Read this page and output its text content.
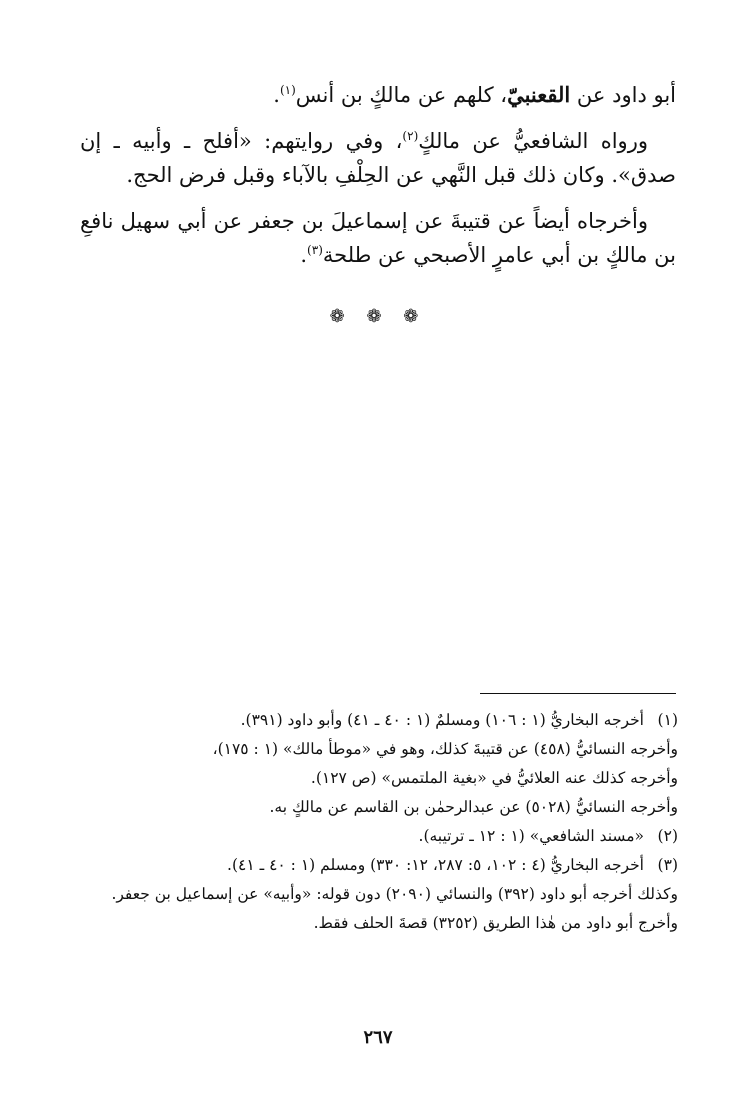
أبو داود عن القعنبيّ، كلهم عن مالكٍ بن أنس$^{(١)}$.

ورواه الشافعيُّ عن مالكٍ$^{(٢)}$، وفي روايتهم: «أفلح ـ وأبيه ـ إن صدق». وكان ذلك قبل النَّهي عن الحِلْفِ بالآباء وقبل فرض الحج.

وأخرجاه أيضاً عن قتيبةَ عن إسماعيلَ بن جعفر عن أبي سهيل نافعِ بن مالكٍ بن أبي عامرٍ الأصبحي عن طلحة$^{(٣)}$.

❁ ❁ ❁
(١)
أخرجه البخاريُّ (١ : ١٠٦) ومسلمٌ (١ : ٤٠ ـ ٤١) وأبو داود (٣٩١).
وأخرجه النسائيُّ (٤٥٨) عن قتيبةَ كذلك، وهو في «موطأ مالك» (١ : ١٧٥)،
وأخرجه كذلك عنه العلائيُّ في «بغية الملتمس» (ص ١٢٧).
وأخرجه النسائيُّ (٥٠٢٨) عن عبدالرحمٰن بن القاسم عن مالكٍ به.
(٢)
«مسند الشافعي» (١ : ١٢ ـ ترتيبه).
(٣)
أخرجه البخاريُّ (٤ : ١٠٢، ٥: ٢٨٧، ١٢: ٣٣٠) ومسلم (١ : ٤٠ ـ ٤١).
وكذلك أخرجه أبو داود (٣٩٢) والنسائي (٢٠٩٠) دون قوله: «وأبيه» عن إسماعيل بن جعفر.
وأخرج أبو داود من هٰذا الطريق (٣٢٥٢) قصةَ الحلف فقط.
٢٦٧
